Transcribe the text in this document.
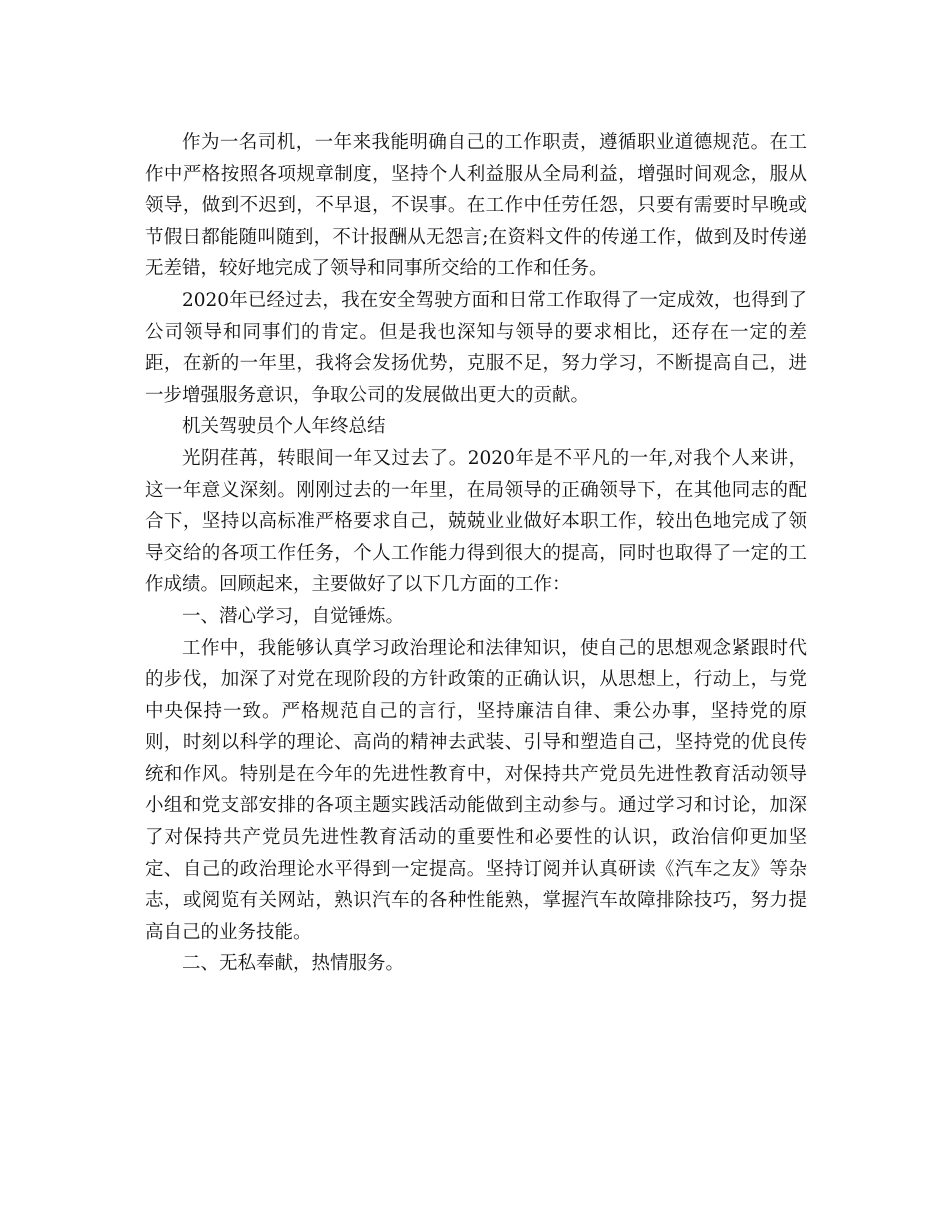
作为一名司机，一年来我能明确自己的工作职责，遵循职业道德规范。在工作中严格按照各项规章制度，坚持个人利益服从全局利益，增强时间观念，服从领导，做到不迟到，不早退，不误事。在工作中任劳任怨，只要有需要时早晚或节假日都能随叫随到，不计报酬从无怨言;在资料文件的传递工作，做到及时传递无差错，较好地完成了领导和同事所交给的工作和任务。

2020年已经过去，我在安全驾驶方面和日常工作取得了一定成效，也得到了公司领导和同事们的肯定。但是我也深知与领导的要求相比，还存在一定的差距，在新的一年里，我将会发扬优势，克服不足，努力学习，不断提高自己，进一步增强服务意识，争取公司的发展做出更大的贡献。

机关驾驶员个人年终总结

光阴荏苒，转眼间一年又过去了。2020年是不平凡的一年,对我个人来讲，这一年意义深刻。刚刚过去的一年里，在局领导的正确领导下，在其他同志的配合下，坚持以高标准严格要求自己，兢兢业业做好本职工作，较出色地完成了领导交给的各项工作任务，个人工作能力得到很大的提高，同时也取得了一定的工作成绩。回顾起来，主要做好了以下几方面的工作：

一、潜心学习，自觉锤炼。

工作中，我能够认真学习政治理论和法律知识，使自己的思想观念紧跟时代的步伐，加深了对党在现阶段的方针政策的正确认识，从思想上，行动上，与党中央保持一致。严格规范自己的言行，坚持廉洁自律、秉公办事，坚持党的原则，时刻以科学的理论、高尚的精神去武装、引导和塑造自己，坚持党的优良传统和作风。特别是在今年的先进性教育中，对保持共产党员先进性教育活动领导小组和党支部安排的各项主题实践活动能做到主动参与。通过学习和讨论，加深了对保持共产党员先进性教育活动的重要性和必要性的认识，政治信仰更加坚定、自己的政治理论水平得到一定提高。坚持订阅并认真研读《汽车之友》等杂志，或阅览有关网站，熟识汽车的各种性能熟，掌握汽车故障排除技巧，努力提高自己的业务技能。

二、无私奉献，热情服务。
